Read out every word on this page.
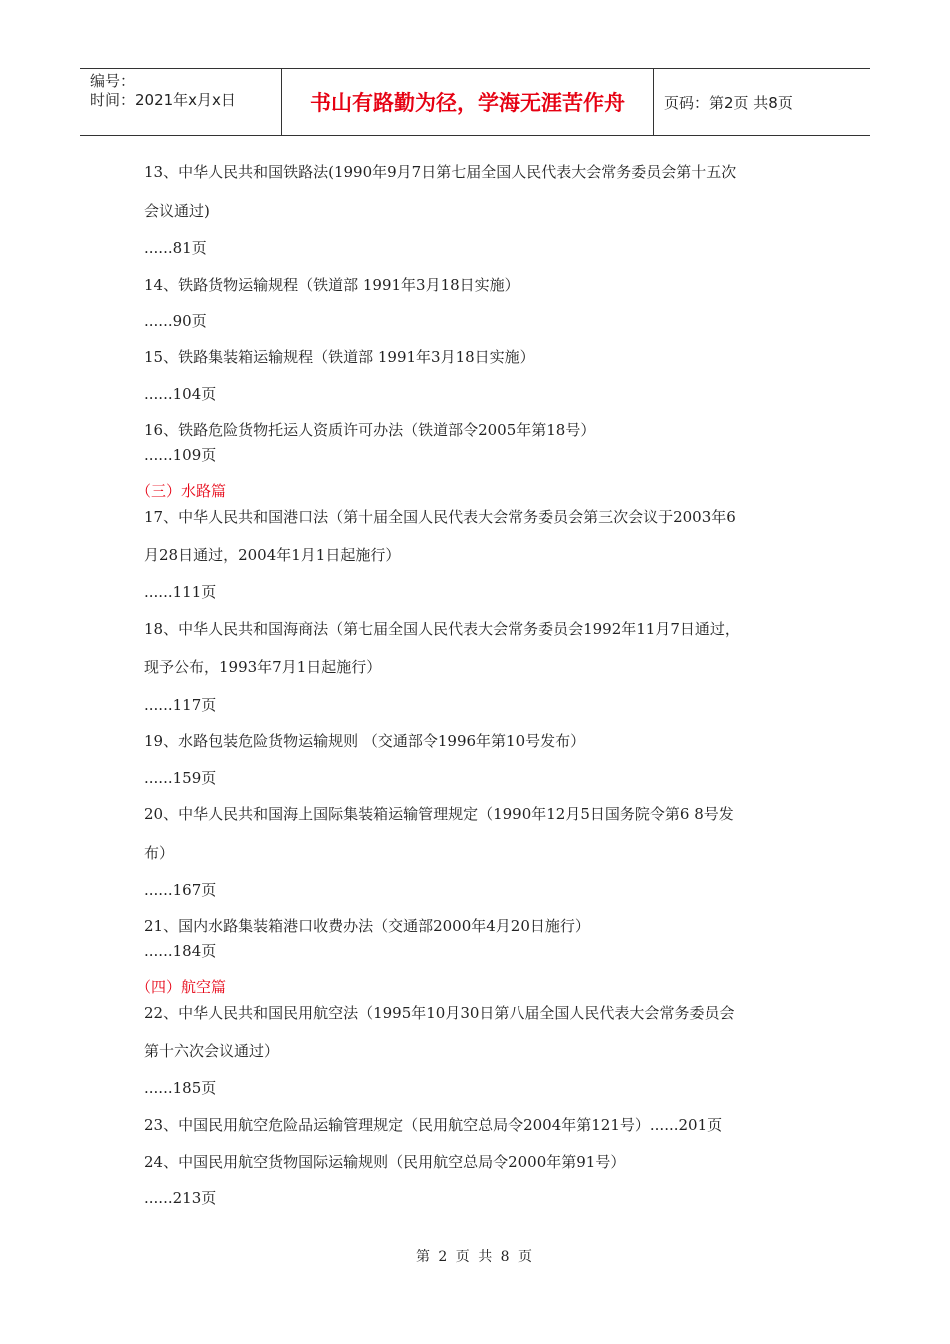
编号：
时间：2021年x月x日	书山有路勤为径，学海无涯苦作舟	页码：第2页 共8页
13、中华人民共和国铁路法(1990年9月7日第七届全国人民代表大会常务委员会第十五次
会议通过)
......81页
14、铁路货物运输规程（铁道部 1991年3月18日实施）
......90页
15、铁路集装箱运输规程（铁道部 1991年3月18日实施）
......104页
16、铁路危险货物托运人资质许可办法（铁道部令2005年第18号）
......109页
（三）水路篇
17、中华人民共和国港口法（第十届全国人民代表大会常务委员会第三次会议于2003年6
月28日通过，2004年1月1日起施行）
......111页
18、中华人民共和国海商法（第七届全国人民代表大会常务委员会1992年11月7日通过，
现予公布，1993年7月1日起施行）
......117页
19、水路包装危险货物运输规则 （交通部令1996年第10号发布）
......159页
20、中华人民共和国海上国际集装箱运输管理规定（1990年12月5日国务院令第6 8号发
布）
......167页
21、国内水路集装箱港口收费办法（交通部2000年4月20日施行）
......184页
（四）航空篇
22、中华人民共和国民用航空法（1995年10月30日第八届全国人民代表大会常务委员会
第十六次会议通过）
......185页
23、中国民用航空危险品运输管理规定（民用航空总局令2004年第121号）......201页
24、中国民用航空货物国际运输规则（民用航空总局令2000年第91号）
......213页
第 2 页 共 8 页
